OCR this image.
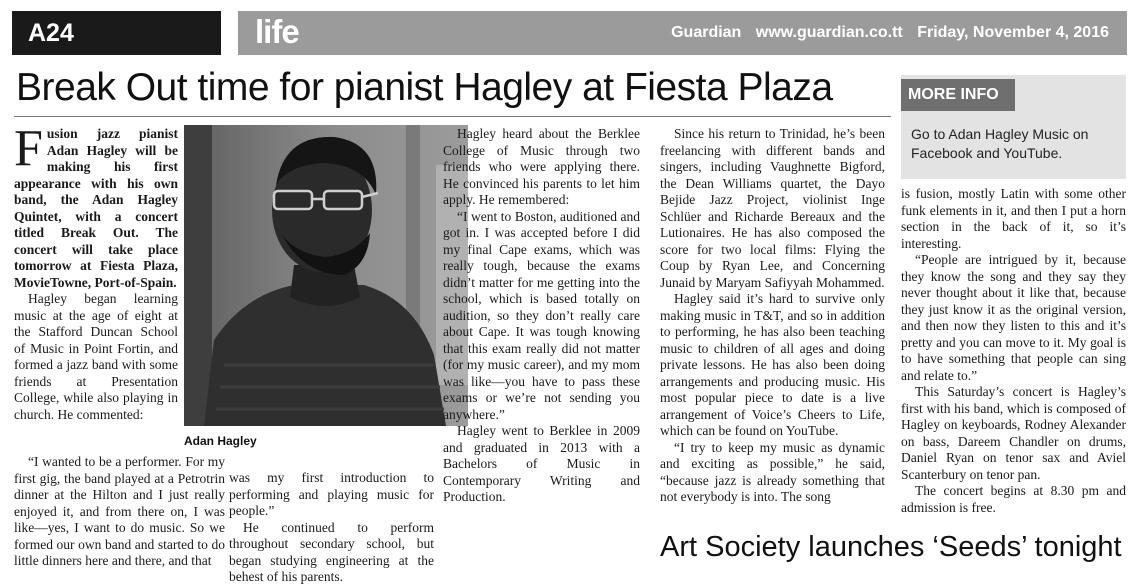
A24	life	Guardian www.guardian.co.tt Friday, November 4, 2016
Break Out time for pianist Hagley at Fiesta Plaza	MORE INFO
Go to Adan Hagley Music on Facebook and YouTube.

Fusion jazz pianist Adan Hagley will be making his first appearance with his own band, the Adan Hagley Quintet, with a concert titled Break Out. The concert will take place tomorrow at Fiesta Plaza, MovieTowne, Port-of-Spain.

Hagley began learning music at the age of eight at the Stafford Duncan School of Music in Point Fortin, and formed a jazz band with some friends at Presentation College, while also playing in church. He commented:

Adan Hagley

“I wanted to be a performer. For my first gig, the band played at a Petrotrin dinner at the Hilton and I just really enjoyed it, and from there on, I was like—yes, I want to do music. So we formed our own band and started to do little dinners here and there, and that

was my first introduction to performing and playing music for people.”

He continued to perform throughout secondary school, but began studying engineering at the behest of his parents.

Hagley heard about the Berklee College of Music through two friends who were applying there. He convinced his parents to let him apply. He remembered:

“I went to Boston, auditioned and got in. I was accepted before I did my final Cape exams, which was really tough, because the exams didn’t matter for me getting into the school, which is based totally on audition, so they don’t really care about Cape. It was tough knowing that this exam really did not matter (for my music career), and my mom was like—you have to pass these exams or we’re not sending you anywhere.”

Hagley went to Berklee in 2009 and graduated in 2013 with a Bachelors of Music in Contemporary Writing and Production.

Since his return to Trinidad, he’s been freelancing with different bands and singers, including Vaughnette Bigford, the Dean Williams quartet, the Dayo Bejide Jazz Project, violinist Inge Schlüer and Richarde Bereaux and the Lutionaires. He has also composed the score for two local films: Flying the Coup by Ryan Lee, and Concerning Junaid by Maryam Safiyyah Mohammed.

Hagley said it’s hard to survive only making music in T&T, and so in addition to performing, he has also been teaching music to children of all ages and doing private lessons. He has also been doing arrangements and producing music. His most popular piece to date is a live arrangement of Voice’s Cheers to Life, which can be found on YouTube.

“I try to keep my music as dynamic and exciting as possible,” he said, “because jazz is already something that not everybody is into. The song

is fusion, mostly Latin with some other funk elements in it, and then I put a horn section in the back of it, so it’s interesting.

“People are intrigued by it, because they know the song and they say they never thought about it like that, because they just know it as the original version, and then now they listen to this and it’s pretty and you can move to it. My goal is to have something that people can sing and relate to.”

This Saturday’s concert is Hagley’s first with his band, which is composed of Hagley on keyboards, Rodney Alexander on bass, Dareem Chandler on drums, Daniel Ryan on tenor sax and Aviel Scanterbury on tenor pan.

The concert begins at 8.30 pm and admission is free.

Art Society launches ‘Seeds’ tonight
